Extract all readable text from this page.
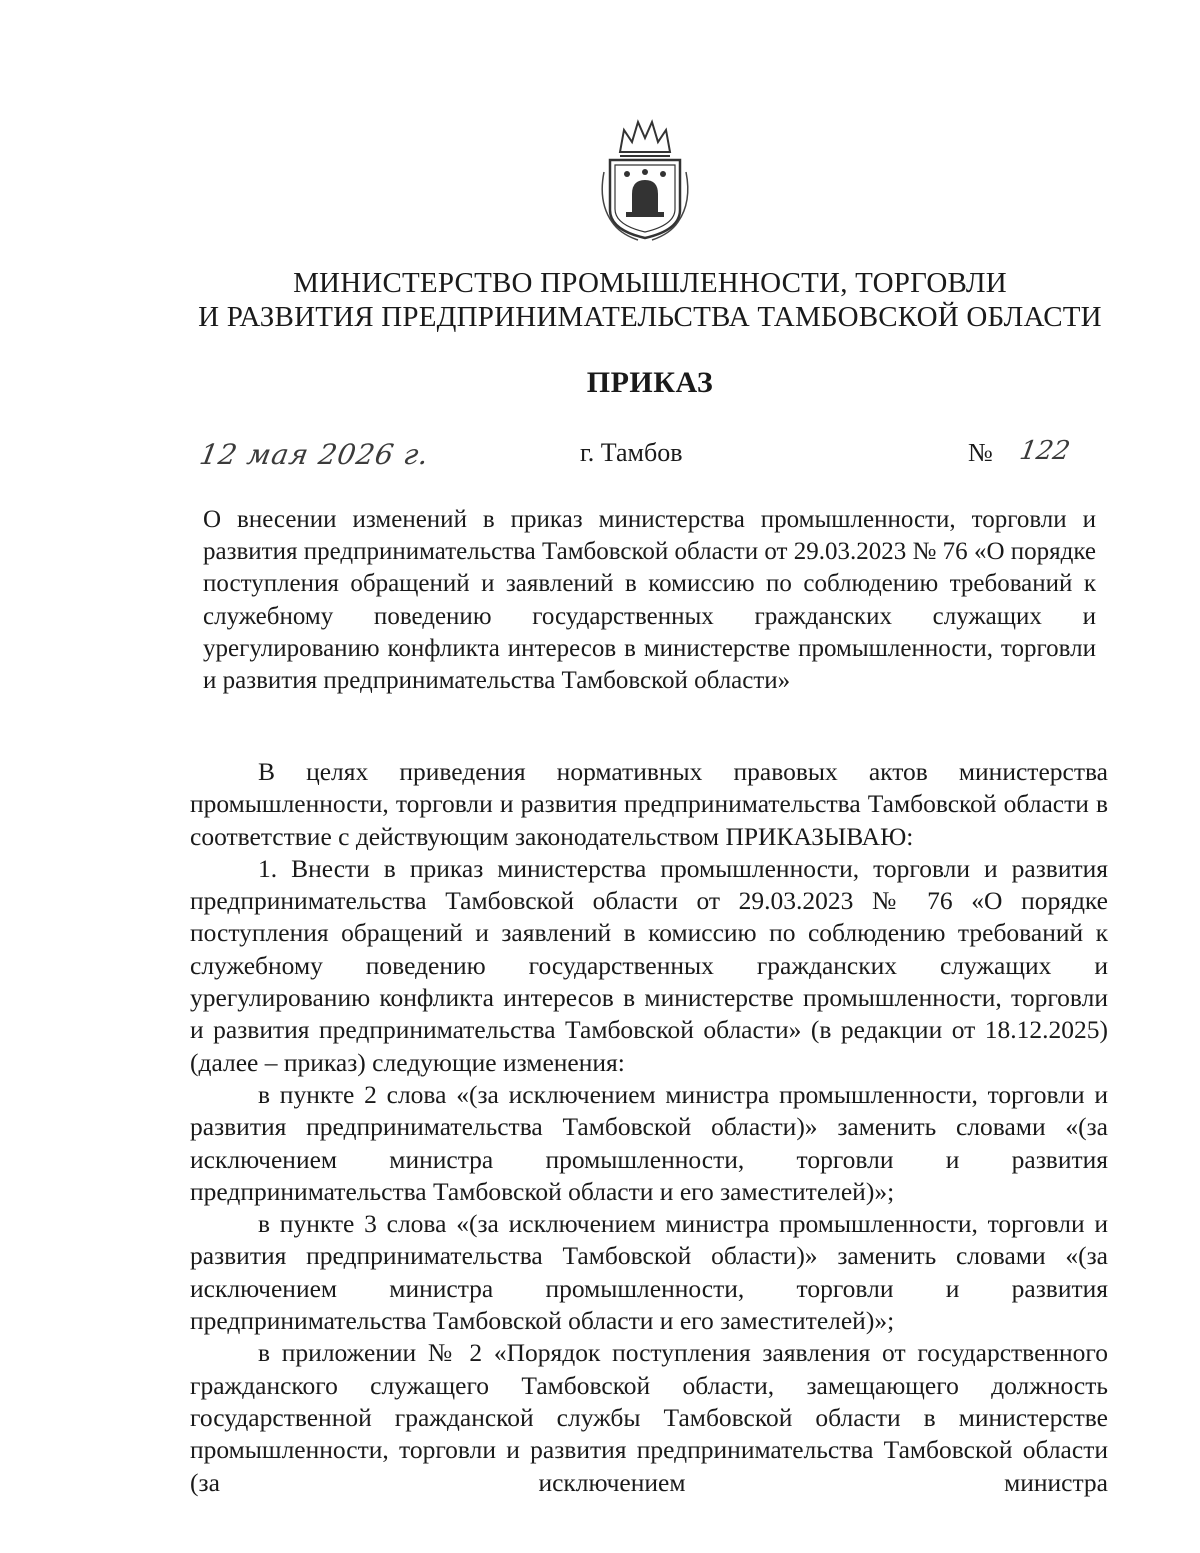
МИНИСТЕРСТВО ПРОМЫШЛЕННОСТИ, ТОРГОВЛИ
И РАЗВИТИЯ ПРЕДПРИНИМАТЕЛЬСТВА ТАМБОВСКОЙ ОБЛАСТИ
ПРИКАЗ
12 мая 2026 г.	г. Тамбов	№ 122
О внесении изменений в приказ министерства промышленности, торговли и развития предпринимательства Тамбовской области от 29.03.2023 № 76 «О порядке поступления обращений и заявлений в комиссию по соблюдению требований к служебному поведению государственных гражданских служащих и урегулированию конфликта интересов в министерстве промышленности, торговли и развития предпринимательства Тамбовской области»

В целях приведения нормативных правовых актов министерства промышленности, торговли и развития предпринимательства Тамбовской области в соответствие с действующим законодательством ПРИКАЗЫВАЮ:

1. Внести в приказ министерства промышленности, торговли и развития предпринимательства Тамбовской области от 29.03.2023 № 76 «О порядке поступления обращений и заявлений в комиссию по соблюдению требований к служебному поведению государственных гражданских служащих и урегулированию конфликта интересов в министерстве промышленности, торговли и развития предпринимательства Тамбовской области» (в редакции от 18.12.2025) (далее – приказ) следующие изменения:

в пункте 2 слова «(за исключением министра промышленности, торговли и развития предпринимательства Тамбовской области)» заменить словами «(за исключением министра промышленности, торговли и развития предпринимательства Тамбовской области и его заместителей)»;

в пункте 3 слова «(за исключением министра промышленности, торговли и развития предпринимательства Тамбовской области)» заменить словами «(за исключением министра промышленности, торговли и развития предпринимательства Тамбовской области и его заместителей)»;

в приложении № 2 «Порядок поступления заявления от государственного гражданского служащего Тамбовской области, замещающего должность государственной гражданской службы Тамбовской области в министерстве промышленности, торговли и развития предпринимательства Тамбовской области (за исключением министра
